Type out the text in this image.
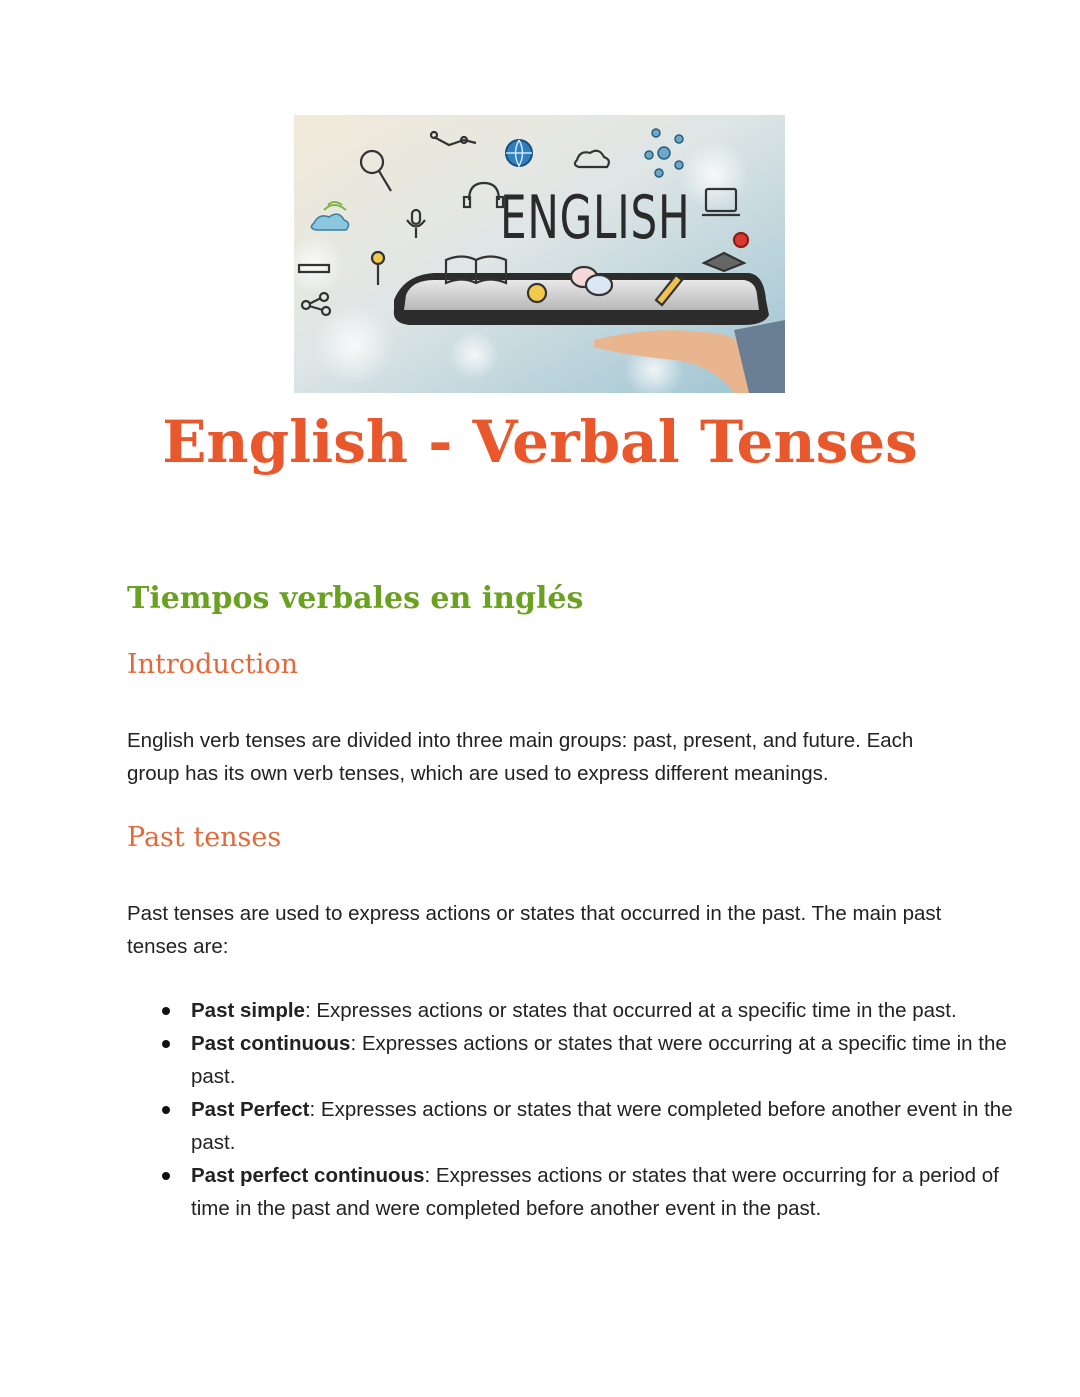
ENGLISH
English - Verbal Tenses
Tiempos verbales en inglés
Introduction

English verb tenses are divided into three main groups: past, present, and future. Each group has its own verb tenses, which are used to express different meanings.

Past tenses

Past tenses are used to express actions or states that occurred in the past. The main past tenses are:

Past simple: Expresses actions or states that occurred at a specific time in the past.
Past continuous: Expresses actions or states that were occurring at a specific time in the past.
Past Perfect: Expresses actions or states that were completed before another event in the past.
Past perfect continuous: Expresses actions or states that were occurring for a period of time in the past and were completed before another event in the past.
